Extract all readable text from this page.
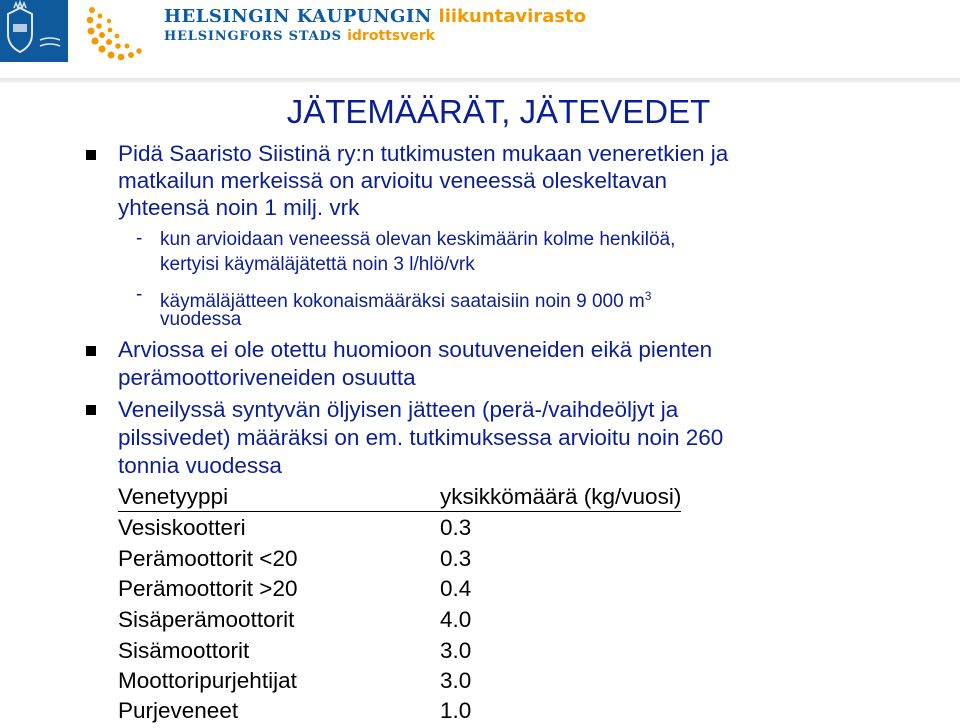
HELSINGIN KAUPUNGIN liikuntavirasto
HELSINGFORS STADS idrottsverk
JÄTEMÄÄRÄT, JÄTEVEDET
Pidä Saaristo Siistinä ry:n tutkimusten mukaan veneretkien ja
matkailun merkeissä on arvioitu veneessä oleskeltavan
yhteensä noin 1 milj. vrk
- kun arvioidaan veneessä olevan keskimäärin kolme henkilöä,
kertyisi käymäläjätettä noin 3 l/hlö/vrk
- käymäläjätteen kokonaismääräksi saataisiin noin 9 000 $m^3$
vuodessa
Arviossa ei ole otettu huomioon soutuveneiden eikä pienten
perämoottoriveneiden osuutta
Veneilyssä syntyvän öljyisen jätteen (perä-/vaihdeöljyt ja
pilssivedet) määräksi on em. tutkimuksessa arvioitu noin 260
tonnia vuodessa
Venetyyppi	yksikkömäärä (kg/vuosi)
Vesiskootteri	0.3
Perämoottorit <20	0.3
Perämoottorit >20	0.4
Sisäperämoottorit	4.0
Sisämoottorit	3.0
Moottoripurjehtijat	3.0
Purjeveneet	1.0
